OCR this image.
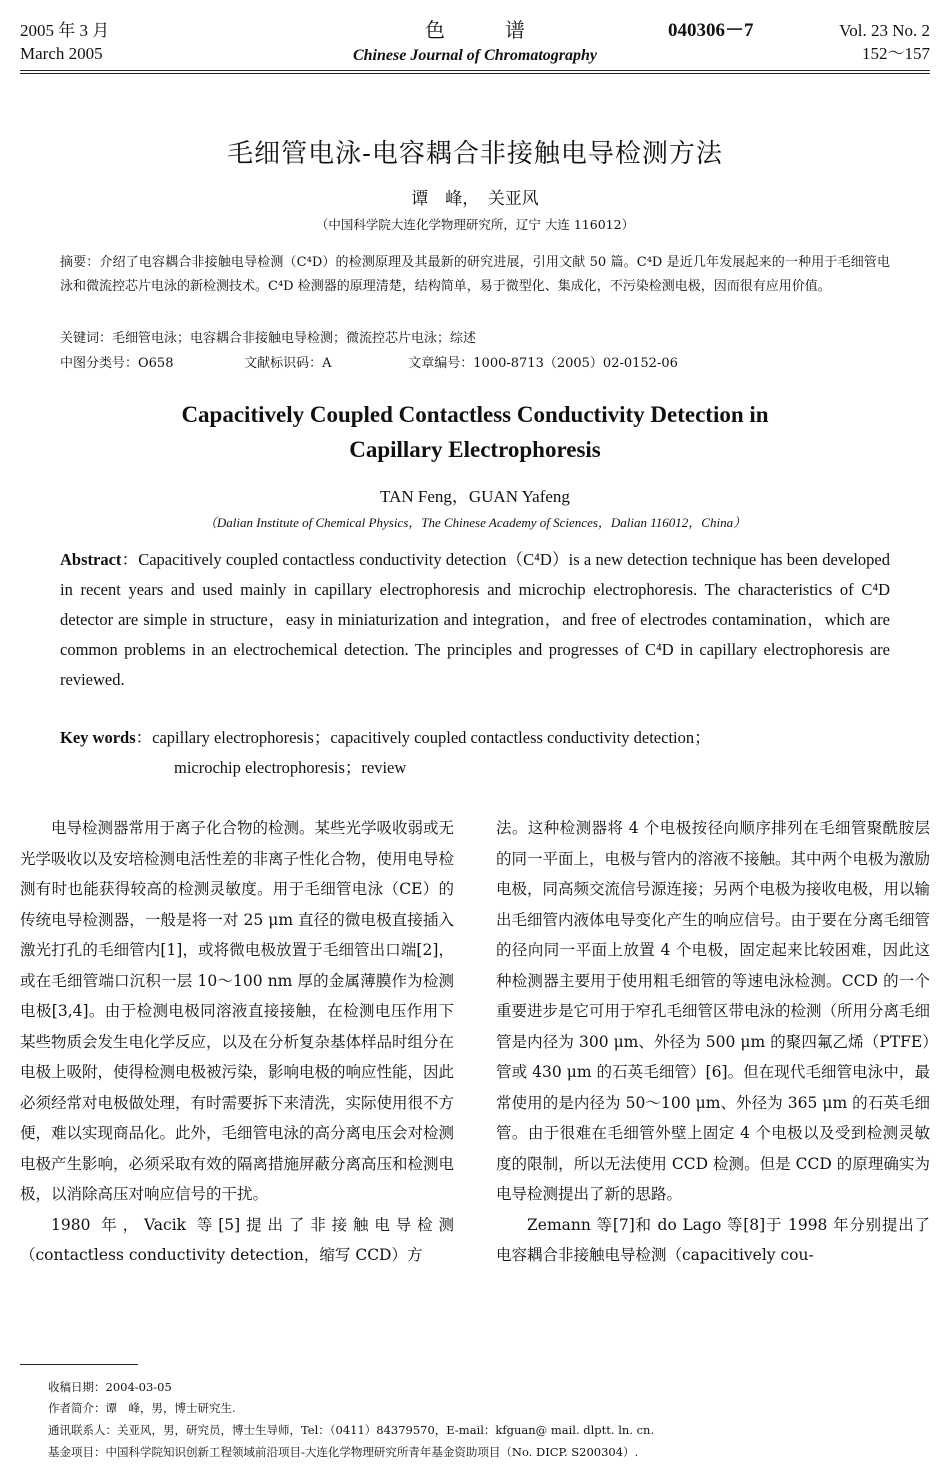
2005 年 3 月
March 2005
色　　　谱
Chinese Journal of Chromatography
040306－7	Vol. 23 No. 2
152～157
毛细管电泳-电容耦合非接触电导检测方法
谭　峰，　关亚风
（中国科学院大连化学物理研究所，辽宁 大连 116012）
摘要：介绍了电容耦合非接触电导检测（C⁴D）的检测原理及其最新的研究进展，引用文献 50 篇。C⁴D 是近几年发展起来的一种用于毛细管电泳和微流控芯片电泳的新检测技术。C⁴D 检测器的原理清楚，结构简单，易于微型化、集成化，不污染检测电极，因而很有应用价值。
关键词：毛细管电泳；电容耦合非接触电导检测；微流控芯片电泳；综述
中图分类号：O658	文献标识码：A	文章编号：1000-8713（2005）02-0152-06
Capacitively Coupled Contactless Conductivity Detection in
Capillary Electrophoresis
TAN Feng，GUAN Yafeng
（Dalian Institute of Chemical Physics，The Chinese Academy of Sciences，Dalian 116012，China）
Abstract：Capacitively coupled contactless conductivity detection（C⁴D）is a new detection technique has been developed in recent years and used mainly in capillary electrophoresis and microchip electrophoresis. The characteristics of C⁴D detector are simple in structure，easy in miniaturization and integration，and free of electrodes contamination，which are common problems in an electrochemical detection. The principles and progresses of C⁴D in capillary electrophoresis are reviewed.
Key words：capillary electrophoresis；capacitively coupled contactless conductivity detection；
microchip electrophoresis；review

电导检测器常用于离子化合物的检测。某些光学吸收弱或无光学吸收以及安培检测电活性差的非离子性化合物，使用电导检测有时也能获得较高的检测灵敏度。用于毛细管电泳（CE）的传统电导检测器，一般是将一对 25 μm 直径的微电极直接插入激光打孔的毛细管内[1]，或将微电极放置于毛细管出口端[2]，或在毛细管端口沉积一层 10～100 nm 厚的金属薄膜作为检测电极[3,4]。由于检测电极同溶液直接接触，在检测电压作用下某些物质会发生电化学反应，以及在分析复杂基体样品时组分在电极上吸附，使得检测电极被污染，影响电极的响应性能，因此必须经常对电极做处理，有时需要拆下来清洗，实际使用很不方便，难以实现商品化。此外，毛细管电泳的高分离电压会对检测电极产生影响，必须采取有效的隔离措施屏蔽分离高压和检测电极，以消除高压对响应信号的干扰。

1980 年，Vacik 等[5]提出了非接触电导检测（contactless conductivity detection，缩写 CCD）方

法。这种检测器将 4 个电极按径向顺序排列在毛细管聚酰胺层的同一平面上，电极与管内的溶液不接触。其中两个电极为激励电极，同高频交流信号源连接；另两个电极为接收电极，用以输出毛细管内液体电导变化产生的响应信号。由于要在分离毛细管的径向同一平面上放置 4 个电极，固定起来比较困难，因此这种检测器主要用于使用粗毛细管的等速电泳检测。CCD 的一个重要进步是它可用于窄孔毛细管区带电泳的检测（所用分离毛细管是内径为 300 μm、外径为 500 μm 的聚四氟乙烯（PTFE）管或 430 μm 的石英毛细管）[6]。但在现代毛细管电泳中，最常使用的是内径为 50～100 μm、外径为 365 μm 的石英毛细管。由于很难在毛细管外壁上固定 4 个电极以及受到检测灵敏度的限制，所以无法使用 CCD 检测。但是 CCD 的原理确实为电导检测提出了新的思路。

Zemann 等[7]和 do Lago 等[8]于 1998 年分别提出了电容耦合非接触电导检测（capacitively cou-

收稿日期：2004-03-05
作者简介：谭　峰，男，博士研究生.
通讯联系人：关亚风，男，研究员，博士生导师，Tel：（0411）84379570，E-mail：kfguan@ mail. dlptt. ln. cn.
基金项目：中国科学院知识创新工程领域前沿项目-大连化学物理研究所青年基金资助项目（No. DICP. S200304）.
